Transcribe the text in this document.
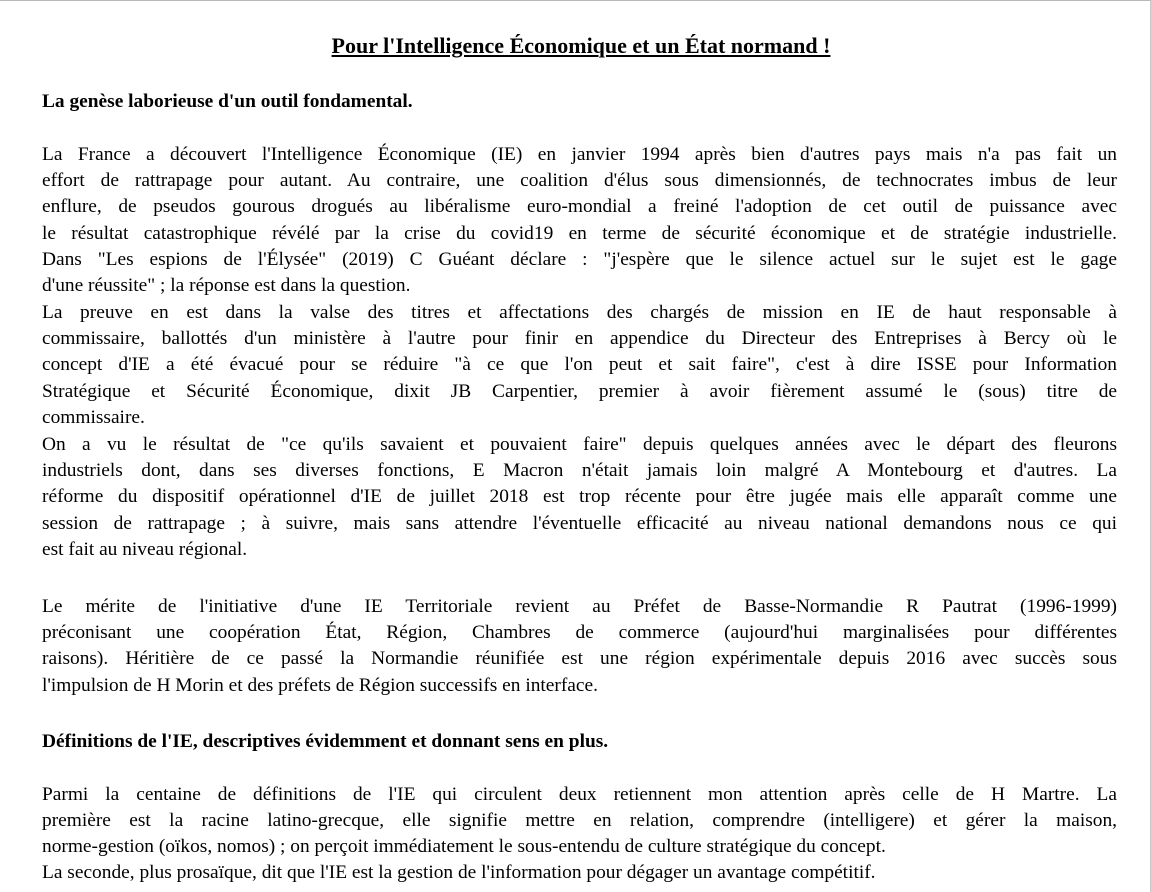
Pour l'Intelligence Économique et un État normand !
La genèse laborieuse d'un outil fondamental.
La France a découvert l'Intelligence Économique (IE) en janvier 1994 après bien d'autres pays mais n'a pas fait un
effort de rattrapage pour autant. Au contraire, une coalition d'élus sous dimensionnés, de technocrates imbus de leur
enflure, de pseudos gourous drogués au libéralisme euro-mondial a freiné l'adoption de cet outil de puissance avec
le résultat catastrophique révélé par la crise du covid19 en terme de sécurité économique et de stratégie industrielle.
Dans "Les espions de l'Élysée" (2019) C Guéant déclare : "j'espère que le silence actuel sur le sujet est le gage
d'une réussite" ; la réponse est dans la question.
La preuve en est dans la valse des titres et affectations des chargés de mission en IE de haut responsable à
commissaire, ballottés d'un ministère à l'autre pour finir en appendice du Directeur des Entreprises à Bercy où le
concept d'IE a été évacué pour se réduire "à ce que l'on peut et sait faire", c'est à dire ISSE pour Information
Stratégique et Sécurité Économique, dixit JB Carpentier, premier à avoir fièrement assumé le (sous) titre de
commissaire.
On a vu le résultat de "ce qu'ils savaient et pouvaient faire" depuis quelques années avec le départ des fleurons
industriels dont, dans ses diverses fonctions, E Macron n'était jamais loin malgré A Montebourg et d'autres. La
réforme du dispositif opérationnel d'IE de juillet 2018 est trop récente pour être jugée mais elle apparaît comme une
session de rattrapage ; à suivre, mais sans attendre l'éventuelle efficacité au niveau national demandons nous ce qui
est fait au niveau régional.
Le mérite de l'initiative d'une IE Territoriale revient au Préfet de Basse-Normandie R Pautrat (1996-1999)
préconisant une coopération État, Région, Chambres de commerce (aujourd'hui marginalisées pour différentes
raisons). Héritière de ce passé la Normandie réunifiée est une région expérimentale depuis 2016 avec succès sous
l'impulsion de H Morin et des préfets de Région successifs en interface.
Définitions de l'IE, descriptives évidemment et donnant sens en plus.
Parmi la centaine de définitions de l'IE qui circulent deux retiennent mon attention après celle de H Martre. La
première est la racine latino-grecque, elle signifie mettre en relation, comprendre (intelligere) et gérer la maison,
norme-gestion (oïkos, nomos) ; on perçoit immédiatement le sous-entendu de culture stratégique du concept.
La seconde, plus prosaïque, dit que l'IE est la gestion de l'information pour dégager un avantage compétitif.
